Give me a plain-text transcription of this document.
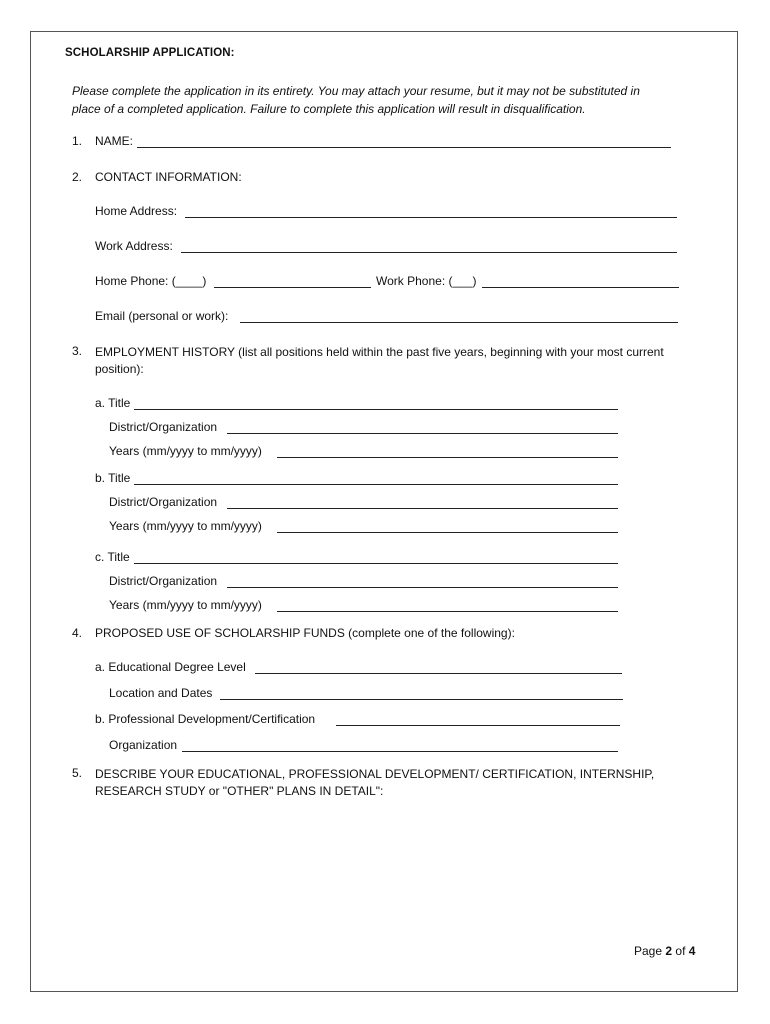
SCHOLARSHIP APPLICATION:
Please complete the application in its entirety. You may attach your resume, but it may not be substituted in
place of a completed application. Failure to complete this application will result in disqualification.
1. NAME:
2. CONTACT INFORMATION:
Home Address:
Work Address:
Home Phone: (____)	Work Phone: (___)
Email (personal or work):
3. EMPLOYMENT HISTORY (list all positions held within the past five years, beginning with your most current position):
a. Title
District/Organization
Years (mm/yyyy to mm/yyyy)
b. Title
District/Organization
Years (mm/yyyy to mm/yyyy)
c. Title
District/Organization
Years (mm/yyyy to mm/yyyy)
4. PROPOSED USE OF SCHOLARSHIP FUNDS (complete one of the following):
a. Educational Degree Level
Location and Dates
b. Professional Development/Certification
Organization
5. DESCRIBE YOUR EDUCATIONAL, PROFESSIONAL DEVELOPMENT/ CERTIFICATION, INTERNSHIP, RESEARCH STUDY or "OTHER" PLANS IN DETAIL":
Page 2 of 4
